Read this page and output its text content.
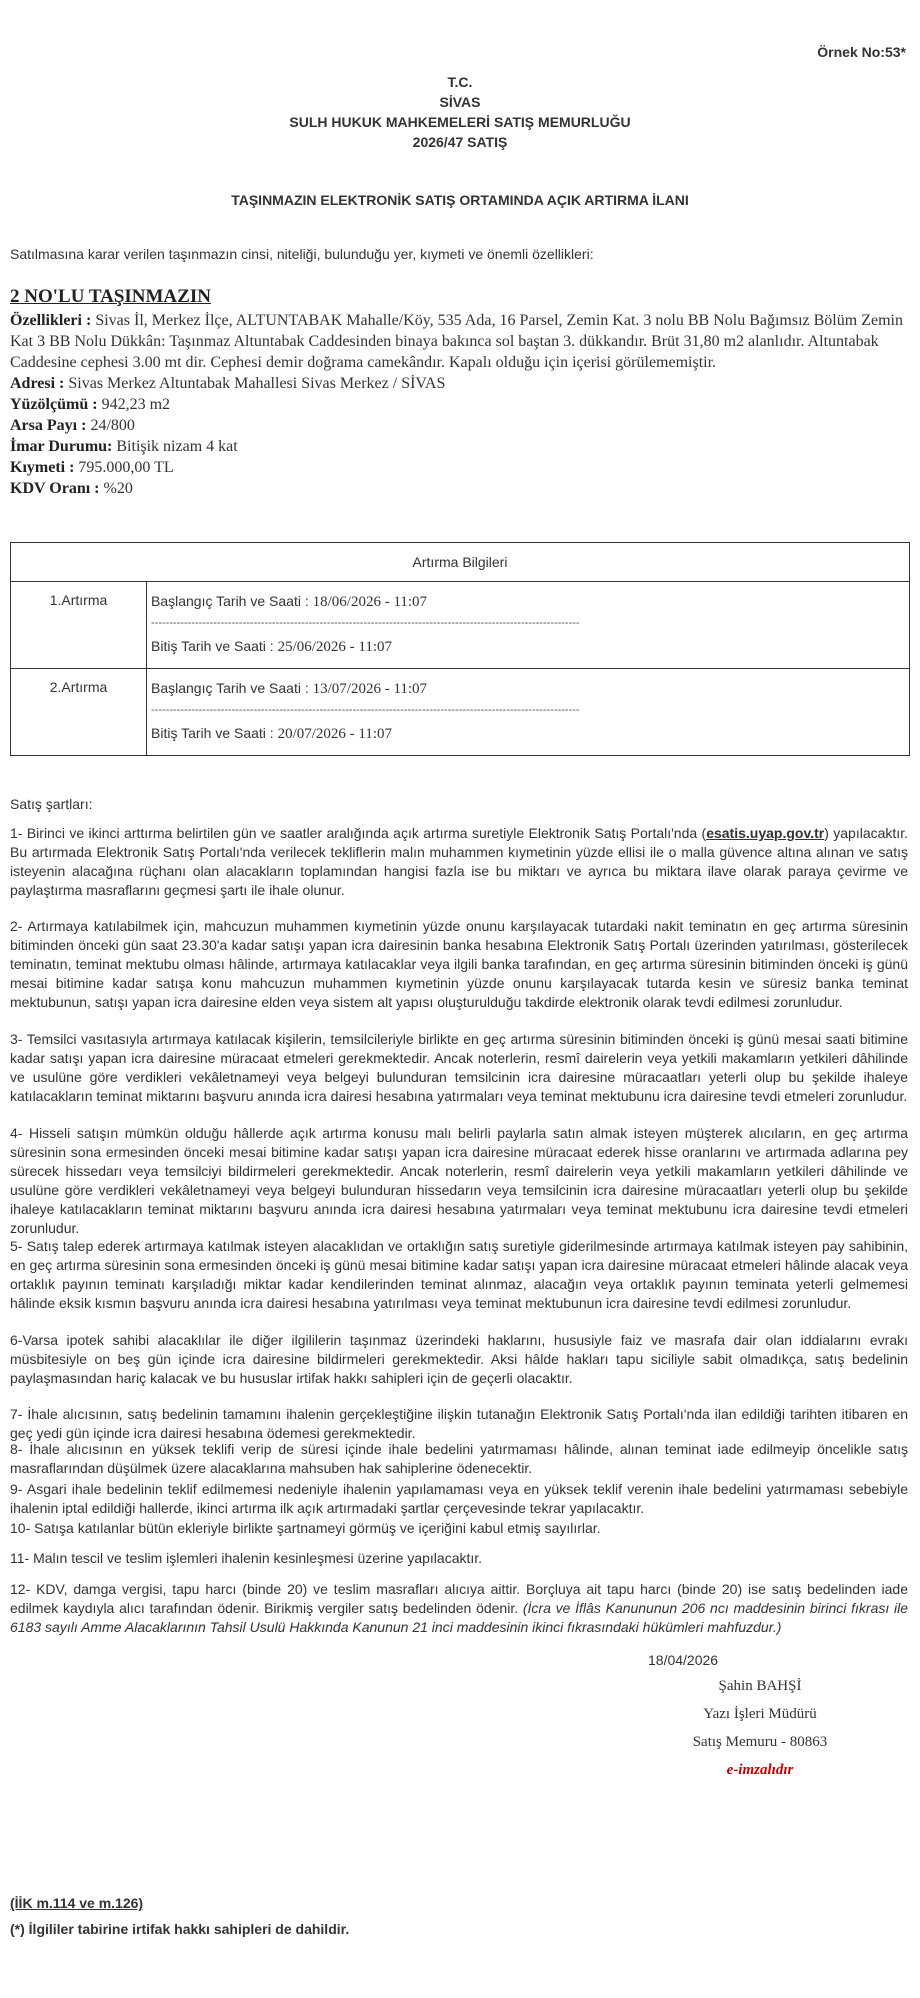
Örnek No:53*
T.C.
SİVAS
SULH HUKUK MAHKEMELERİ SATIŞ MEMURLUĞU
2026/47 SATIŞ
TAŞINMAZIN ELEKTRONİK SATIŞ ORTAMINDA AÇIK ARTIRMA İLANI
Satılmasına karar verilen taşınmazın cinsi, niteliği, bulunduğu yer, kıymeti ve önemli özellikleri:
2 NO'LU TAŞINMAZIN
Özellikleri : Sivas İl, Merkez İlçe, ALTUNTABAK Mahalle/Köy, 535 Ada, 16 Parsel, Zemin Kat. 3 nolu BB Nolu Bağımsız Bölüm Zemin Kat 3 BB Nolu Dükkân: Taşınmaz Altuntabak Caddesinden binaya bakınca sol baştan 3. dükkandır. Brüt 31,80 m2 alanlıdır. Altuntabak Caddesine cephesi 3.00 mt dir. Cephesi demir doğrama camekândır. Kapalı olduğu için içerisi görülememiştir.
Adresi : Sivas Merkez Altuntabak Mahallesi Sivas Merkez / SİVAS
Yüzölçümü : 942,23 m2
Arsa Payı : 24/800
İmar Durumu: Bitişik nizam 4 kat
Kıymeti : 795.000,00 TL
KDV Oranı : %20
Artırma Bilgileri	
1.Artırma	Başlangıç Tarih ve Saati : 18/06/2026 - 11:07
---------------------------------------------------------------------------------------------------------------------
Bitiş Tarih ve Saati : 25/06/2026 - 11:07

2.Artırma	Başlangıç Tarih ve Saati : 13/07/2026 - 11:07
---------------------------------------------------------------------------------------------------------------------
Bitiş Tarih ve Saati : 20/07/2026 - 11:07
Satış şartları:
1- Birinci ve ikinci arttırma belirtilen gün ve saatler aralığında açık artırma suretiyle Elektronik Satış Portalı'nda (esatis.uyap.gov.tr) yapılacaktır. Bu artırmada Elektronik Satış Portalı'nda verilecek tekliflerin malın muhammen kıymetinin yüzde ellisi ile o malla güvence altına alınan ve satış isteyenin alacağına rüçhanı olan alacakların toplamından hangisi fazla ise bu miktarı ve ayrıca bu miktara ilave olarak paraya çevirme ve paylaştırma masraflarını geçmesi şartı ile ihale olunur.
2- Artırmaya katılabilmek için, mahcuzun muhammen kıymetinin yüzde onunu karşılayacak tutardaki nakit teminatın en geç artırma süresinin bitiminden önceki gün saat 23.30'a kadar satışı yapan icra dairesinin banka hesabına Elektronik Satış Portalı üzerinden yatırılması, gösterilecek teminatın, teminat mektubu olması hâlinde, artırmaya katılacaklar veya ilgili banka tarafından, en geç artırma süresinin bitiminden önceki iş günü mesai bitimine kadar satışa konu mahcuzun muhammen kıymetinin yüzde onunu karşılayacak tutarda kesin ve süresiz banka teminat mektubunun, satışı yapan icra dairesine elden veya sistem alt yapısı oluşturulduğu takdirde elektronik olarak tevdi edilmesi zorunludur.
3- Temsilci vasıtasıyla artırmaya katılacak kişilerin, temsilcileriyle birlikte en geç artırma süresinin bitiminden önceki iş günü mesai saati bitimine kadar satışı yapan icra dairesine müracaat etmeleri gerekmektedir. Ancak noterlerin, resmî dairelerin veya yetkili makamların yetkileri dâhilinde ve usulüne göre verdikleri vekâletnameyi veya belgeyi bulunduran temsilcinin icra dairesine müracaatları yeterli olup bu şekilde ihaleye katılacakların teminat miktarını başvuru anında icra dairesi hesabına yatırmaları veya teminat mektubunu icra dairesine tevdi etmeleri zorunludur.
4- Hisseli satışın mümkün olduğu hâllerde açık artırma konusu malı belirli paylarla satın almak isteyen müşterek alıcıların, en geç artırma süresinin sona ermesinden önceki mesai bitimine kadar satışı yapan icra dairesine müracaat ederek hisse oranlarını ve artırmada adlarına pey sürecek hissedarı veya temsilciyi bildirmeleri gerekmektedir. Ancak noterlerin, resmî dairelerin veya yetkili makamların yetkileri dâhilinde ve usulüne göre verdikleri vekâletnameyi veya belgeyi bulunduran hissedarın veya temsilcinin icra dairesine müracaatları yeterli olup bu şekilde ihaleye katılacakların teminat miktarını başvuru anında icra dairesi hesabına yatırmaları veya teminat mektubunu icra dairesine tevdi etmeleri zorunludur.
5- Satış talep ederek artırmaya katılmak isteyen alacaklıdan ve ortaklığın satış suretiyle giderilmesinde artırmaya katılmak isteyen pay sahibinin, en geç artırma süresinin sona ermesinden önceki iş günü mesai bitimine kadar satışı yapan icra dairesine müracaat etmeleri hâlinde alacak veya ortaklık payının teminatı karşıladığı miktar kadar kendilerinden teminat alınmaz, alacağın veya ortaklık payının teminata yeterli gelmemesi hâlinde eksik kısmın başvuru anında icra dairesi hesabına yatırılması veya teminat mektubunun icra dairesine tevdi edilmesi zorunludur.
6-Varsa ipotek sahibi alacaklılar ile diğer ilgililerin taşınmaz üzerindeki haklarını, hususiyle faiz ve masrafa dair olan iddialarını evrakı müsbitesiyle on beş gün içinde icra dairesine bildirmeleri gerekmektedir. Aksi hâlde hakları tapu siciliyle sabit olmadıkça, satış bedelinin paylaşmasından hariç kalacak ve bu hususlar irtifak hakkı sahipleri için de geçerli olacaktır.
7- İhale alıcısının, satış bedelinin tamamını ihalenin gerçekleştiğine ilişkin tutanağın Elektronik Satış Portalı'nda ilan edildiği tarihten itibaren en geç yedi gün içinde icra dairesi hesabına ödemesi gerekmektedir.
8- İhale alıcısının en yüksek teklifi verip de süresi içinde ihale bedelini yatırmaması hâlinde, alınan teminat iade edilmeyip öncelikle satış masraflarından düşülmek üzere alacaklarına mahsuben hak sahiplerine ödenecektir.
9- Asgari ihale bedelinin teklif edilmemesi nedeniyle ihalenin yapılamaması veya en yüksek teklif verenin ihale bedelini yatırmaması sebebiyle ihalenin iptal edildiği hallerde, ikinci artırma ilk açık artırmadaki şartlar çerçevesinde tekrar yapılacaktır.
10- Satışa katılanlar bütün ekleriyle birlikte şartnameyi görmüş ve içeriğini kabul etmiş sayılırlar.
11- Malın tescil ve teslim işlemleri ihalenin kesinleşmesi üzerine yapılacaktır.
12- KDV, damga vergisi, tapu harcı (binde 20) ve teslim masrafları alıcıya aittir. Borçluya ait tapu harcı (binde 20) ise satış bedelinden iade edilmek kaydıyla alıcı tarafından ödenir. Birikmiş vergiler satış bedelinden ödenir. (İcra ve İflâs Kanununun 206 ncı maddesinin birinci fıkrası ile 6183 sayılı Amme Alacaklarının Tahsil Usulü Hakkında Kanunun 21 inci maddesinin ikinci fıkrasındaki hükümleri mahfuzdur.)
18/04/2026
Şahin BAHŞİ
Yazı İşleri Müdürü
Satış Memuru - 80863
e-imzalıdır
(İİK m.114 ve m.126)
(*) İlgililer tabirine irtifak hakkı sahipleri de dahildir.
